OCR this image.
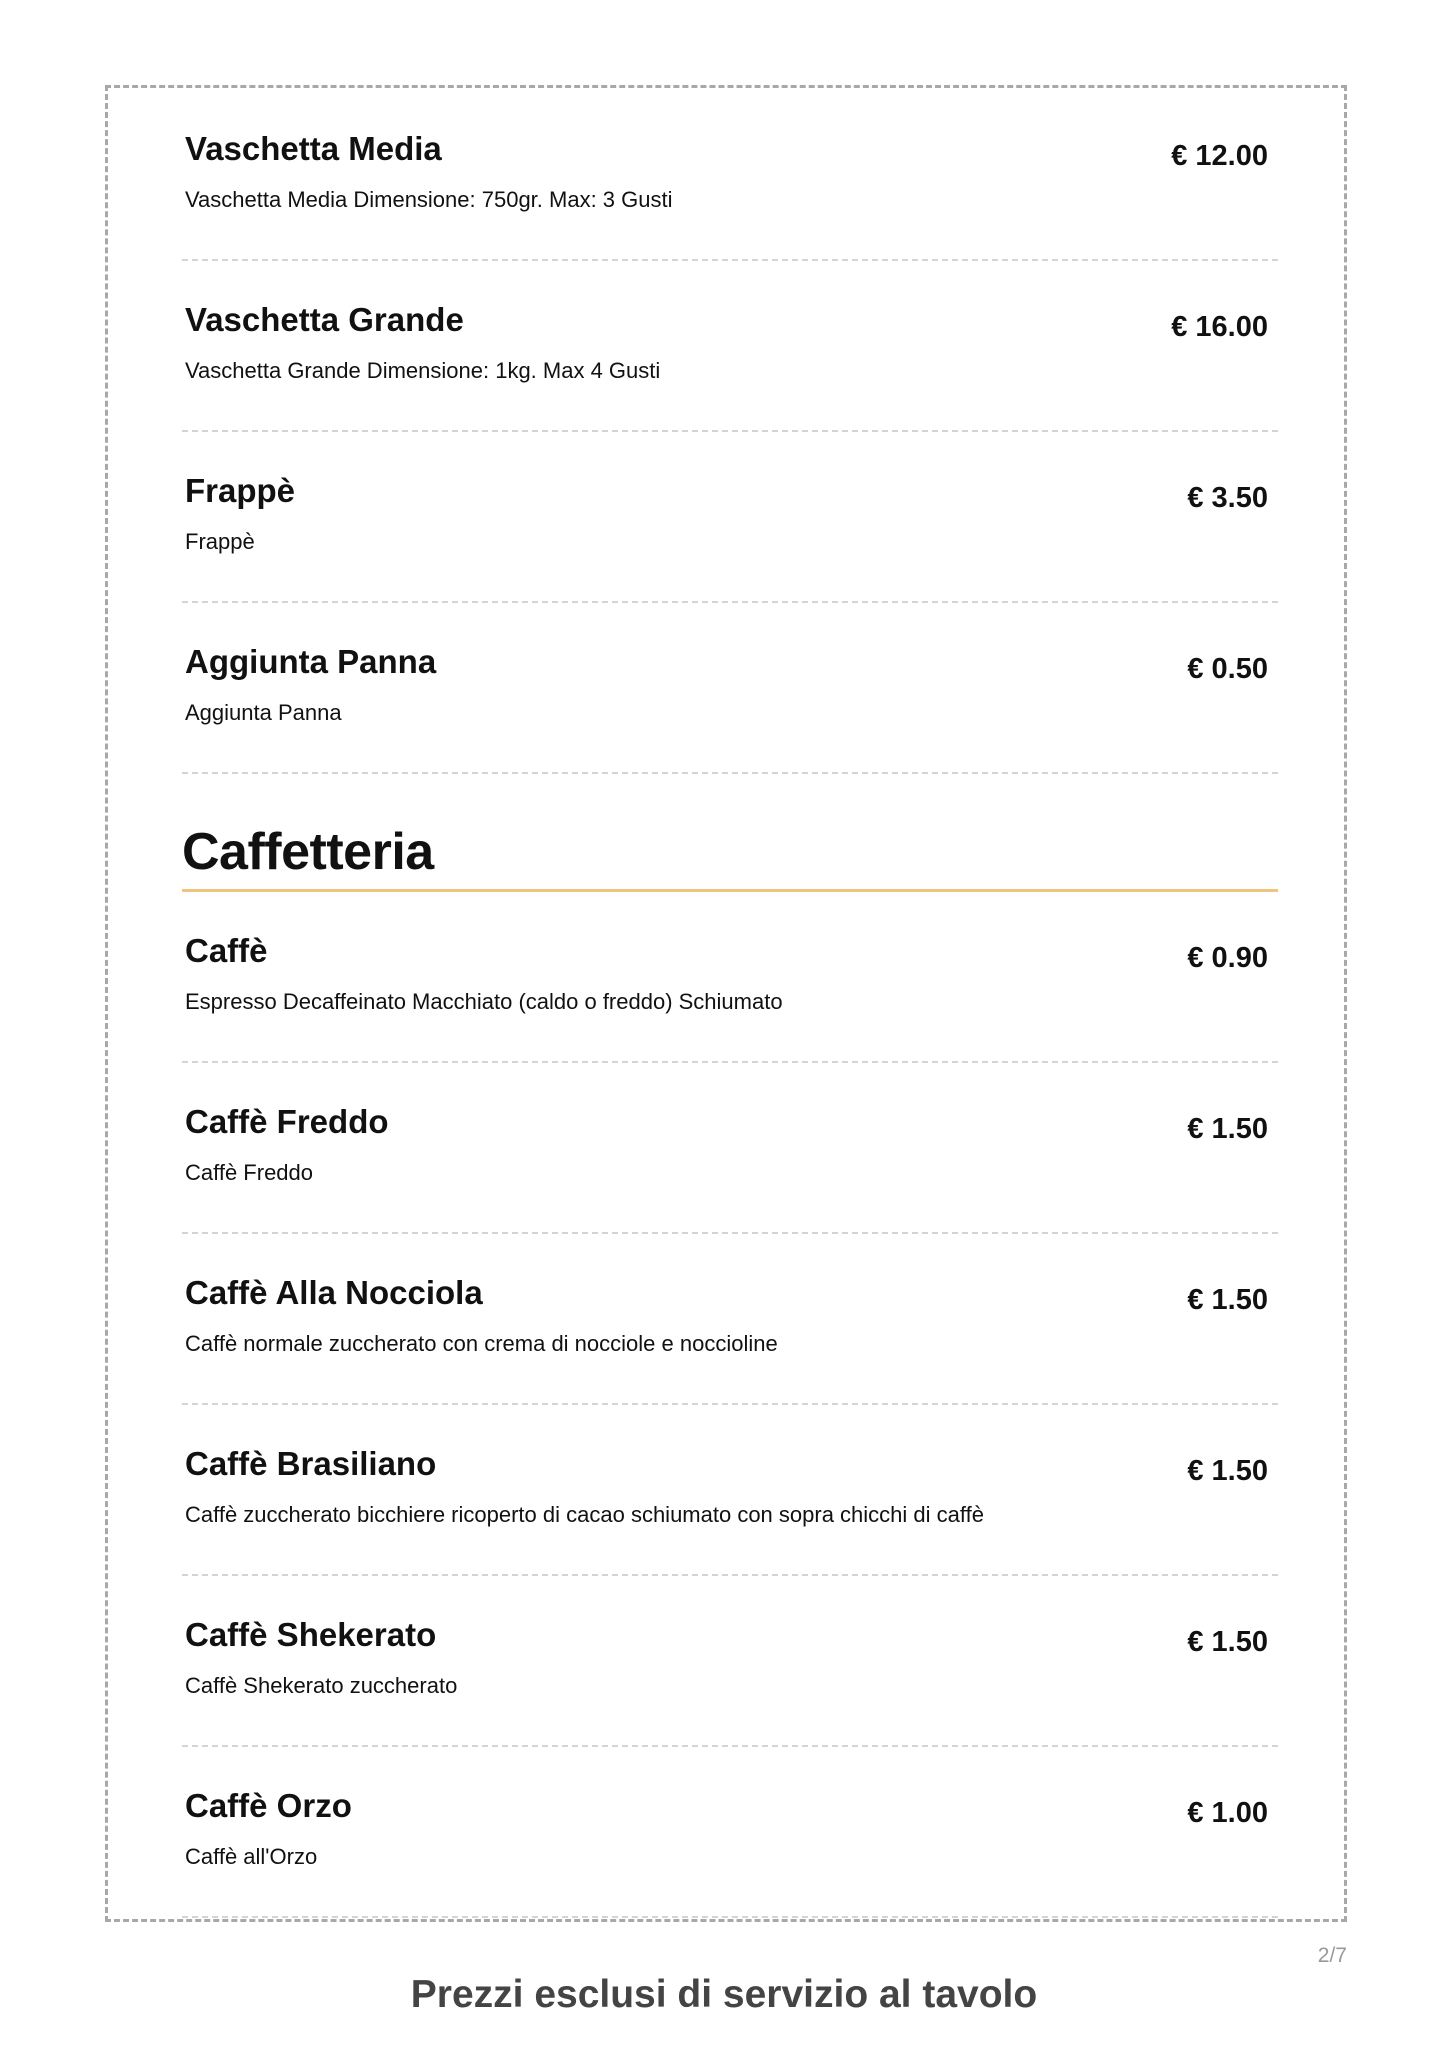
Vaschetta Media
Vaschetta Media Dimensione: 750gr. Max: 3 Gusti
€ 12.00
Vaschetta Grande
Vaschetta Grande Dimensione: 1kg. Max 4 Gusti
€ 16.00
Frappè
Frappè
€ 3.50
Aggiunta Panna
Aggiunta Panna
€ 0.50
Caffetteria
Caffè
Espresso Decaffeinato Macchiato (caldo o freddo) Schiumato
€ 0.90
Caffè Freddo
Caffè Freddo
€ 1.50
Caffè Alla Nocciola
Caffè normale zuccherato con crema di nocciole e noccioline
€ 1.50
Caffè Brasiliano
Caffè zuccherato bicchiere ricoperto di cacao schiumato con sopra chicchi di caffè
€ 1.50
Caffè Shekerato
Caffè Shekerato zuccherato
€ 1.50
Caffè Orzo
Caffè all'Orzo
€ 1.00
2/7
Prezzi esclusi di servizio al tavolo
